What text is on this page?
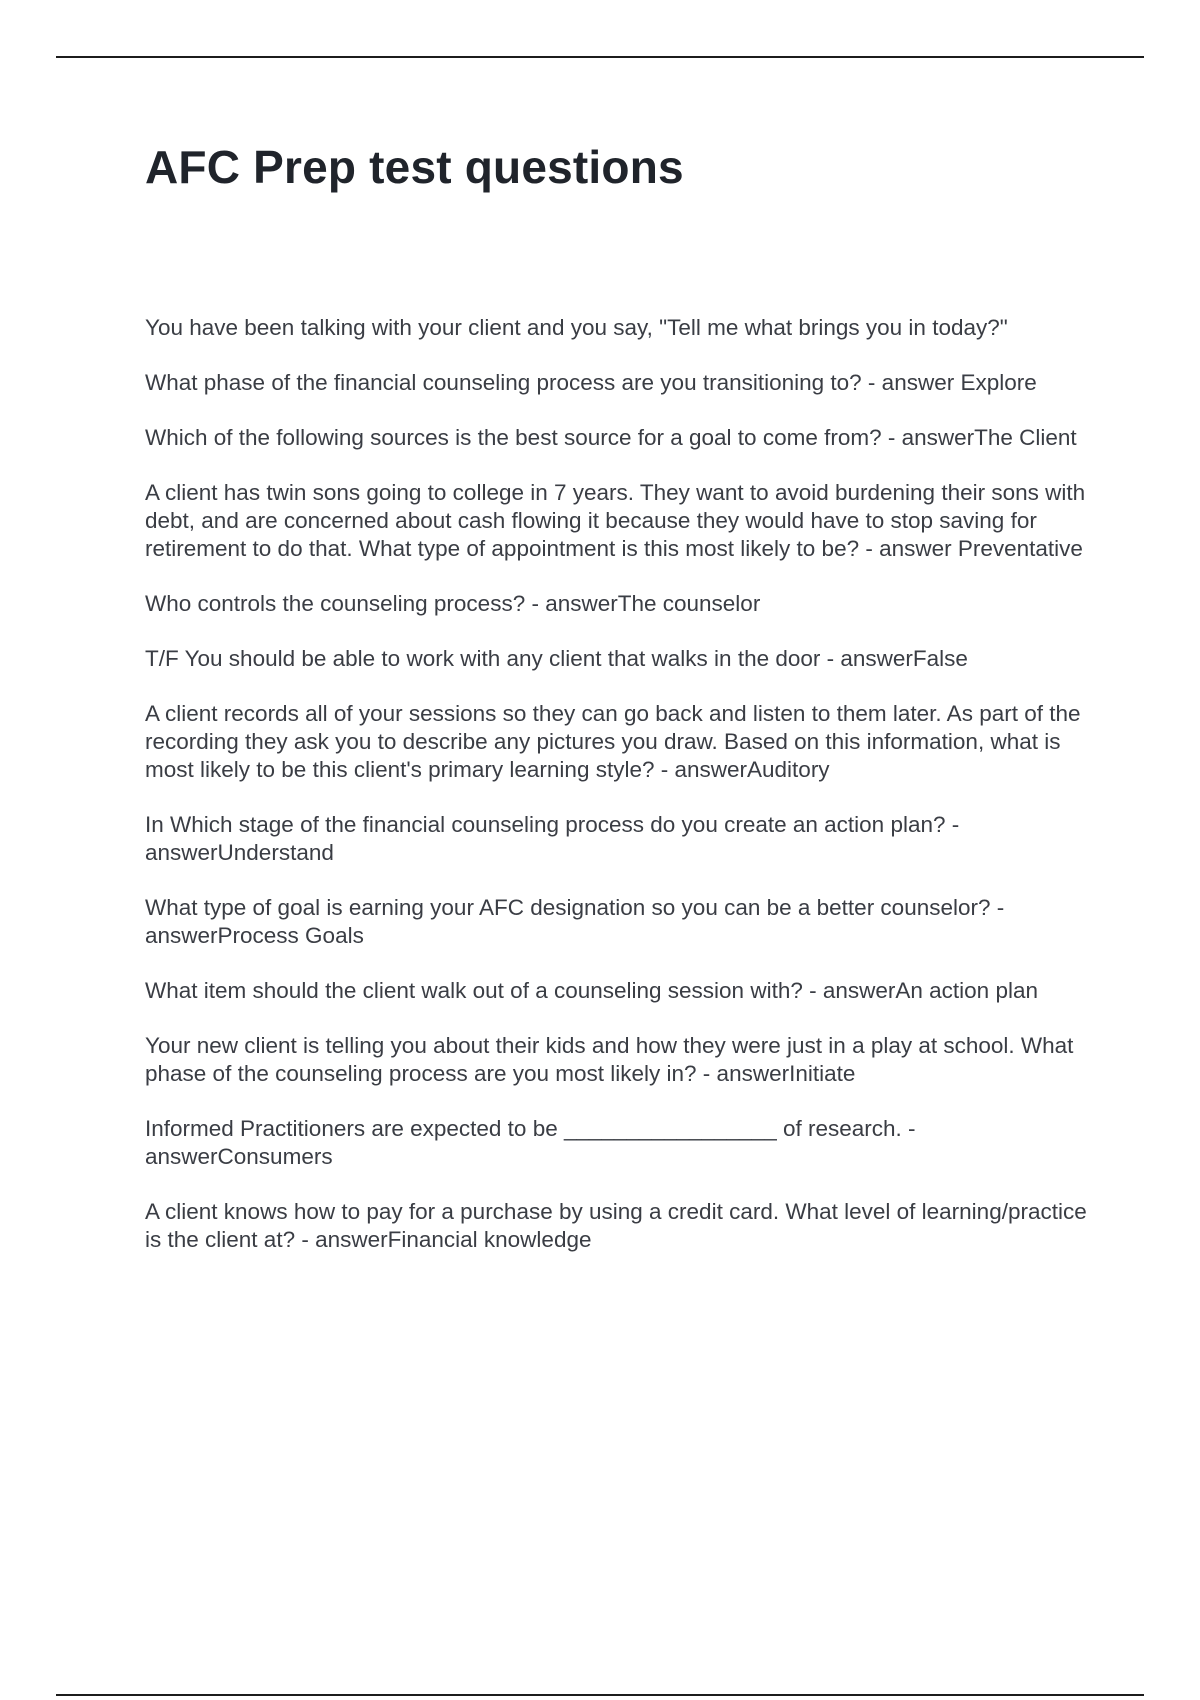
AFC Prep test questions

You have been talking with your client and you say, "Tell me what brings you in today?"

What phase of the financial counseling process are you transitioning to? - answer Explore

Which of the following sources is the best source for a goal to come from? - answerThe Client

A client has twin sons going to college in 7 years. They want to avoid burdening their sons with debt, and are concerned about cash flowing it because they would have to stop saving for retirement to do that. What type of appointment is this most likely to be? - answer Preventative

Who controls the counseling process? - answerThe counselor

T/F You should be able to work with any client that walks in the door - answerFalse

A client records all of your sessions so they can go back and listen to them later. As part of the recording they ask you to describe any pictures you draw. Based on this information, what is most likely to be this client's primary learning style? - answerAuditory

In Which stage of the financial counseling process do you create an action plan? - answerUnderstand

What type of goal is earning your AFC designation so you can be a better counselor? - answerProcess Goals

What item should the client walk out of a counseling session with? - answerAn action plan

Your new client is telling you about their kids and how they were just in a play at school. What phase of the counseling process are you most likely in? - answerInitiate

Informed Practitioners are expected to be _________________ of research. - answerConsumers

A client knows how to pay for a purchase by using a credit card. What level of learning/practice is the client at? - answerFinancial knowledge
